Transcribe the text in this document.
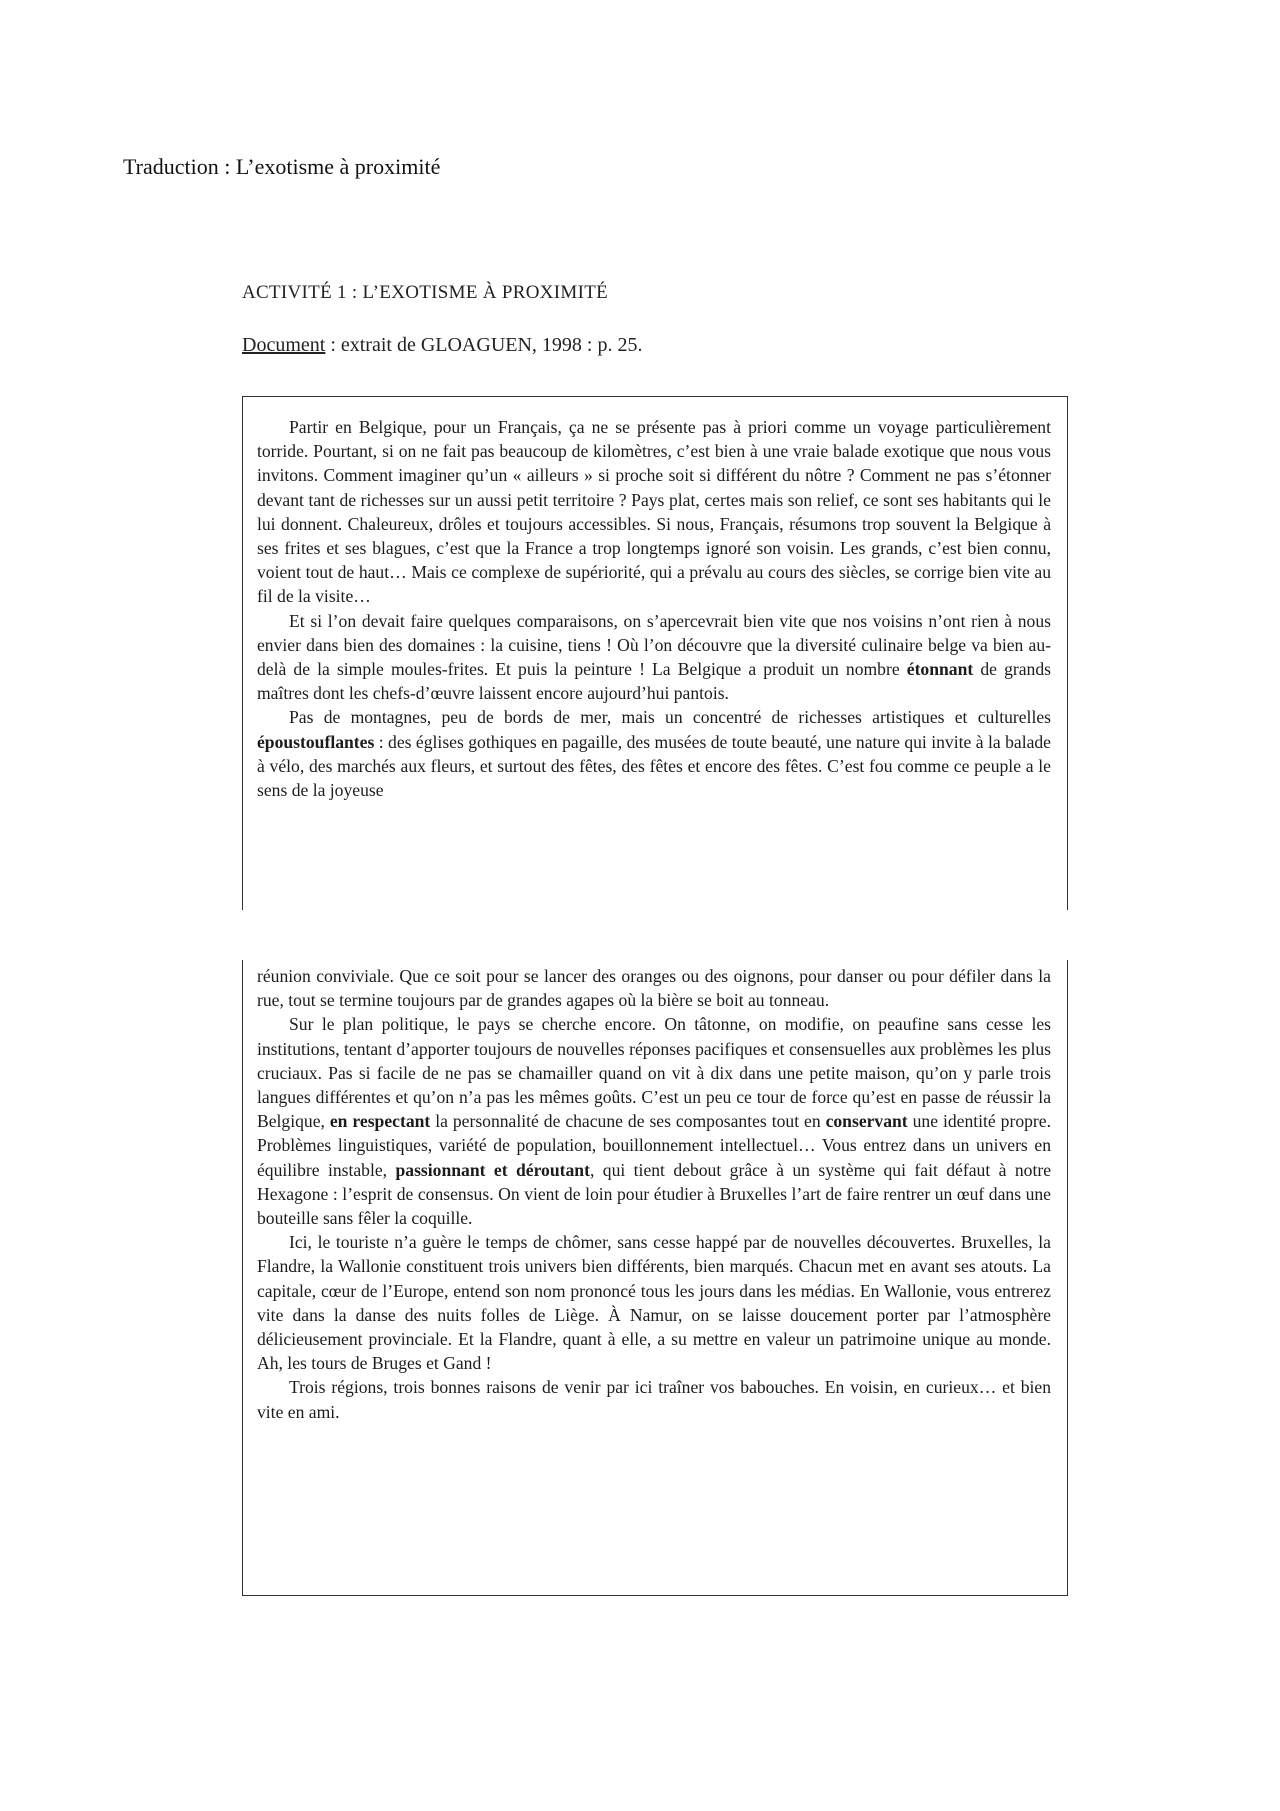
Traduction : L’exotisme à proximité
ACTIVITÉ 1 : L’EXOTISME À PROXIMITÉ
Document : extrait de GLOAGUEN, 1998 : p. 25.

Partir en Belgique, pour un Français, ça ne se présente pas à priori comme un voyage particulièrement torride. Pourtant, si on ne fait pas beaucoup de kilomètres, c’est bien à une vraie balade exotique que nous vous invitons. Comment imaginer qu’un « ailleurs » si proche soit si différent du nôtre ? Comment ne pas s’étonner devant tant de richesses sur un aussi petit territoire ? Pays plat, certes mais son relief, ce sont ses habitants qui le lui donnent. Chaleureux, drôles et toujours accessibles. Si nous, Français, résumons trop souvent la Belgique à ses frites et ses blagues, c’est que la France a trop longtemps ignoré son voisin. Les grands, c’est bien connu, voient tout de haut… Mais ce complexe de supériorité, qui a prévalu au cours des siècles, se corrige bien vite au fil de la visite…

Et si l’on devait faire quelques comparaisons, on s’apercevrait bien vite que nos voisins n’ont rien à nous envier dans bien des domaines : la cuisine, tiens ! Où l’on découvre que la diversité culinaire belge va bien au-delà de la simple moules-frites. Et puis la peinture ! La Belgique a produit un nombre étonnant de grands maîtres dont les chefs-d’œuvre laissent encore aujourd’hui pantois.

Pas de montagnes, peu de bords de mer, mais un concentré de richesses artistiques et culturelles époustouflantes : des églises gothiques en pagaille, des musées de toute beauté, une nature qui invite à la balade à vélo, des marchés aux fleurs, et surtout des fêtes, des fêtes et encore des fêtes. C’est fou comme ce peuple a le sens de la joyeuse

réunion conviviale. Que ce soit pour se lancer des oranges ou des oignons, pour danser ou pour défiler dans la rue, tout se termine toujours par de grandes agapes où la bière se boit au tonneau.

Sur le plan politique, le pays se cherche encore. On tâtonne, on modifie, on peaufine sans cesse les institutions, tentant d’apporter toujours de nouvelles réponses pacifiques et consensuelles aux problèmes les plus cruciaux. Pas si facile de ne pas se chamailler quand on vit à dix dans une petite maison, qu’on y parle trois langues différentes et qu’on n’a pas les mêmes goûts. C’est un peu ce tour de force qu’est en passe de réussir la Belgique, en respectant la personnalité de chacune de ses composantes tout en conservant une identité propre. Problèmes linguistiques, variété de population, bouillonnement intellectuel… Vous entrez dans un univers en équilibre instable, passionnant et déroutant, qui tient debout grâce à un système qui fait défaut à notre Hexagone : l’esprit de consensus. On vient de loin pour étudier à Bruxelles l’art de faire rentrer un œuf dans une bouteille sans fêler la coquille.

Ici, le touriste n’a guère le temps de chômer, sans cesse happé par de nouvelles découvertes. Bruxelles, la Flandre, la Wallonie constituent trois univers bien différents, bien marqués. Chacun met en avant ses atouts. La capitale, cœur de l’Europe, entend son nom prononcé tous les jours dans les médias. En Wallonie, vous entrerez vite dans la danse des nuits folles de Liège. À Namur, on se laisse doucement porter par l’atmosphère délicieusement provinciale. Et la Flandre, quant à elle, a su mettre en valeur un patrimoine unique au monde. Ah, les tours de Bruges et Gand !

Trois régions, trois bonnes raisons de venir par ici traîner vos babouches. En voisin, en curieux… et bien vite en ami.
